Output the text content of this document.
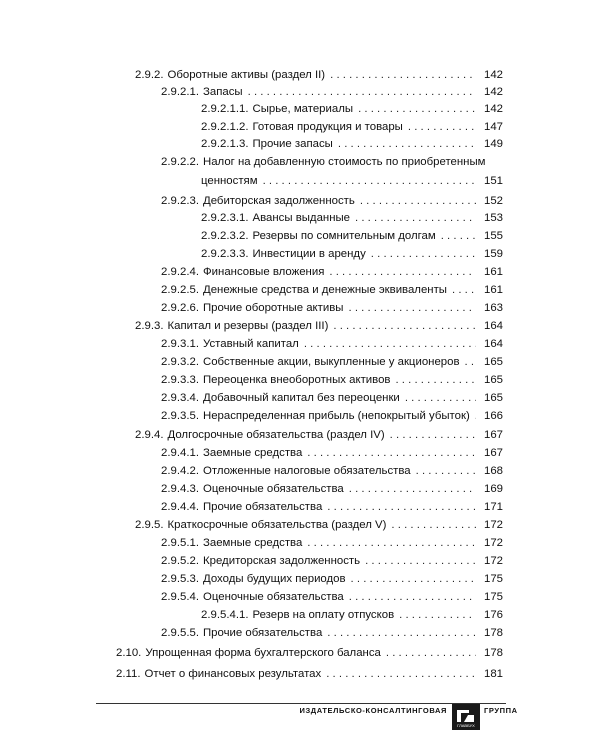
2.9.2. Оборотные активы (раздел II) . . .	142
2.9.2.1. Запасы . . .	142
2.9.2.1.1. Сырье, материалы . . .	142
2.9.2.1.2. Готовая продукция и товары . . .	147
2.9.2.1.3. Прочие запасы . . .	149
2.9.2.2. Налог на добавленную стоимость по приобретенным
ценностям . . .	151
2.9.2.3. Дебиторская задолженность . . .	152
2.9.2.3.1. Авансы выданные . . .	153
2.9.2.3.2. Резервы по сомнительным долгам . . .	155
2.9.2.3.3. Инвестиции в аренду . . .	159
2.9.2.4. Финансовые вложения . . .	161
2.9.2.5. Денежные средства и денежные эквиваленты . . .	161
2.9.2.6. Прочие оборотные активы . . .	163
2.9.3. Капитал и резервы (раздел III) . . .	164
2.9.3.1. Уставный капитал . . .	164
2.9.3.2. Собственные акции, выкупленные у акционеров . . . 165
2.9.3.3. Переоценка внеоборотных активов . . .	165
2.9.3.4. Добавочный капитал без переоценки . . .	165
2.9.3.5. Нераспределенная прибыль (непокрытый убыток) . . . 166
2.9.4. Долгосрочные обязательства (раздел IV) . . .	167
2.9.4.1. Заемные средства . . .	167
2.9.4.2. Отложенные налоговые обязательства . . .	168
2.9.4.3. Оценочные обязательства . . .	169
2.9.4.4. Прочие обязательства . . .	171
2.9.5. Краткосрочные обязательства (раздел V) . . .	172
2.9.5.1. Заемные средства . . .	172
2.9.5.2. Кредиторская задолженность . . .	172
2.9.5.3. Доходы будущих периодов . . .	175
2.9.5.4. Оценочные обязательства . . .	175
2.9.5.4.1. Резерв на оплату отпусков . . .	176
2.9.5.5. Прочие обязательства . . .	178
2.10. Упрощенная форма бухгалтерского баланса . . .	178
2.11. Отчет о финансовых результатах . . .	181
ИЗДАТЕЛЬСКО-КОНСАЛТИНГОВАЯ
ГЛАВБУХ
ГРУППА
